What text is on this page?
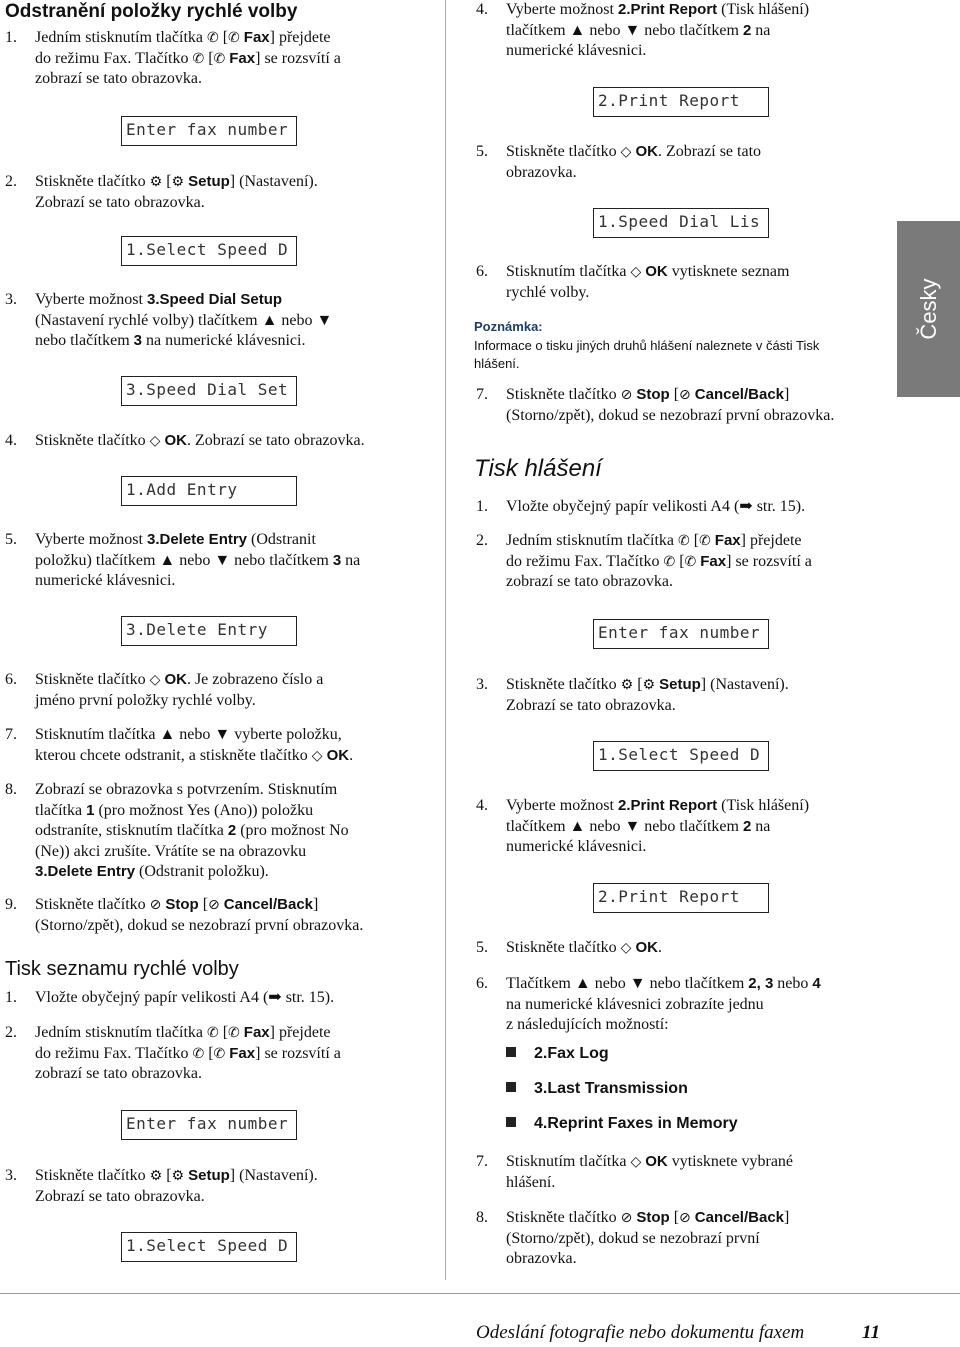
Odstranění položky rychlé volby
1. Jedním stisknutím tlačítka ✆ [✆ Fax] přejdete
do režimu Fax. Tlačítko ✆ [✆ Fax] se rozsvítí a
zobrazí se tato obrazovka.
Enter fax number
2. Stiskněte tlačítko ⚙ [⚙ Setup] (Nastavení).
Zobrazí se tato obrazovka.
1.Select Speed D
3. Vyberte možnost 3.Speed Dial Setup
(Nastavení rychlé volby) tlačítkem ▲ nebo ▼
nebo tlačítkem 3 na numerické klávesnici.
3.Speed Dial Set
4. Stiskněte tlačítko ◇ OK. Zobrazí se tato obrazovka.
1.Add Entry
5. Vyberte možnost 3.Delete Entry (Odstranit
položku) tlačítkem ▲ nebo ▼ nebo tlačítkem 3 na
numerické klávesnici.
3.Delete Entry
6. Stiskněte tlačítko ◇ OK. Je zobrazeno číslo a
jméno první položky rychlé volby.
7. Stisknutím tlačítka ▲ nebo ▼ vyberte položku,
kterou chcete odstranit, a stiskněte tlačítko ◇ OK.
8. Zobrazí se obrazovka s potvrzením. Stisknutím
tlačítka 1 (pro možnost Yes (Ano)) položku
odstraníte, stisknutím tlačítka 2 (pro možnost No
(Ne)) akci zrušíte. Vrátíte se na obrazovku
3.Delete Entry (Odstranit položku).
9. Stiskněte tlačítko ⊘ Stop [⊘ Cancel/Back]
(Storno/zpět), dokud se nezobrazí první obrazovka.
Tisk seznamu rychlé volby
1. Vložte obyčejný papír velikosti A4 (➡ str. 15).
2. Jedním stisknutím tlačítka ✆ [✆ Fax] přejdete
do režimu Fax. Tlačítko ✆ [✆ Fax] se rozsvítí a
zobrazí se tato obrazovka.
Enter fax number
3. Stiskněte tlačítko ⚙ [⚙ Setup] (Nastavení).
Zobrazí se tato obrazovka.
1.Select Speed D
4. Vyberte možnost 2.Print Report (Tisk hlášení)
tlačítkem ▲ nebo ▼ nebo tlačítkem 2 na
numerické klávesnici.
2.Print Report
5. Stiskněte tlačítko ◇ OK. Zobrazí se tato
obrazovka.
1.Speed Dial Lis
6. Stisknutím tlačítka ◇ OK vytisknete seznam
rychlé volby.
Poznámka:
Informace o tisku jiných druhů hlášení naleznete v části Tisk
hlášení.
7. Stiskněte tlačítko ⊘ Stop [⊘ Cancel/Back]
(Storno/zpět), dokud se nezobrazí první obrazovka.
Tisk hlášení
1. Vložte obyčejný papír velikosti A4 (➡ str. 15).
2. Jedním stisknutím tlačítka ✆ [✆ Fax] přejdete
do režimu Fax. Tlačítko ✆ [✆ Fax] se rozsvítí a
zobrazí se tato obrazovka.
Enter fax number
3. Stiskněte tlačítko ⚙ [⚙ Setup] (Nastavení).
Zobrazí se tato obrazovka.
1.Select Speed D
4. Vyberte možnost 2.Print Report (Tisk hlášení)
tlačítkem ▲ nebo ▼ nebo tlačítkem 2 na
numerické klávesnici.
2.Print Report
5. Stiskněte tlačítko ◇ OK.
6. Tlačítkem ▲ nebo ▼ nebo tlačítkem 2, 3 nebo 4
na numerické klávesnici zobrazíte jednu
z následujících možností:
2.Fax Log
3.Last Transmission
4.Reprint Faxes in Memory
7. Stisknutím tlačítka ◇ OK vytisknete vybrané
hlášení.
8. Stiskněte tlačítko ⊘ Stop [⊘ Cancel/Back]
(Storno/zpět), dokud se nezobrazí první
obrazovka.
Česky
Odeslání fotografie nebo dokumentu faxem	11
